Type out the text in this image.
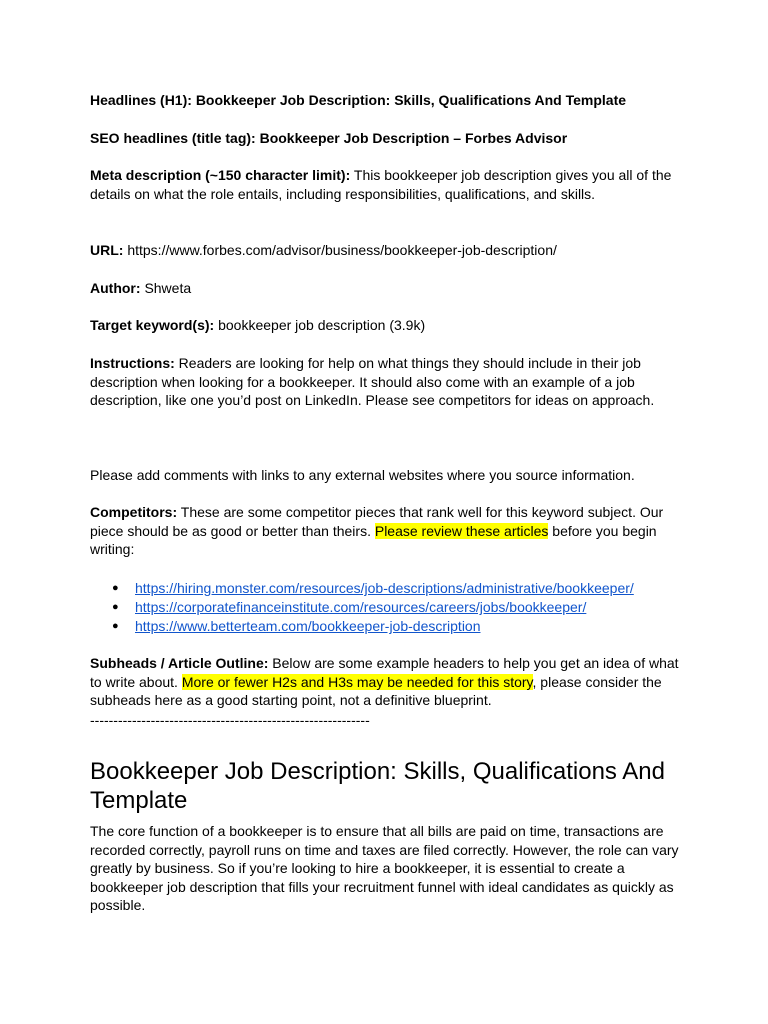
Headlines (H1): Bookkeeper Job Description: Skills, Qualifications And Template

SEO headlines (title tag): Bookkeeper Job Description – Forbes Advisor

Meta description (~150 character limit): This bookkeeper job description gives you all of the details on what the role entails, including responsibilities, qualifications, and skills.

URL: https://www.forbes.com/advisor/business/bookkeeper-job-description/

Author: Shweta

Target keyword(s): bookkeeper job description (3.9k)

Instructions: Readers are looking for help on what things they should include in their job description when looking for a bookkeeper. It should also come with an example of a job description, like one you’d post on LinkedIn. Please see competitors for ideas on approach.

Please add comments with links to any external websites where you source information.

Competitors: These are some competitor pieces that rank well for this keyword subject. Our piece should be as good or better than theirs. Please review these articles before you begin writing:

● https://hiring.monster.com/resources/job-descriptions/administrative/bookkeeper/
● https://corporatefinanceinstitute.com/resources/careers/jobs/bookkeeper/
● https://www.betterteam.com/bookkeeper-job-description

Subheads / Article Outline: Below are some example headers to help you get an idea of what to write about. More or fewer H2s and H3s may be needed for this story, please consider the subheads here as a good starting point, not a definitive blueprint.

------------------------------------------------------------
Bookkeeper Job Description: Skills, Qualifications And Template

The core function of a bookkeeper is to ensure that all bills are paid on time, transactions are recorded correctly, payroll runs on time and taxes are filed correctly. However, the role can vary greatly by business. So if you’re looking to hire a bookkeeper, it is essential to create a bookkeeper job description that fills your recruitment funnel with ideal candidates as quickly as possible.
